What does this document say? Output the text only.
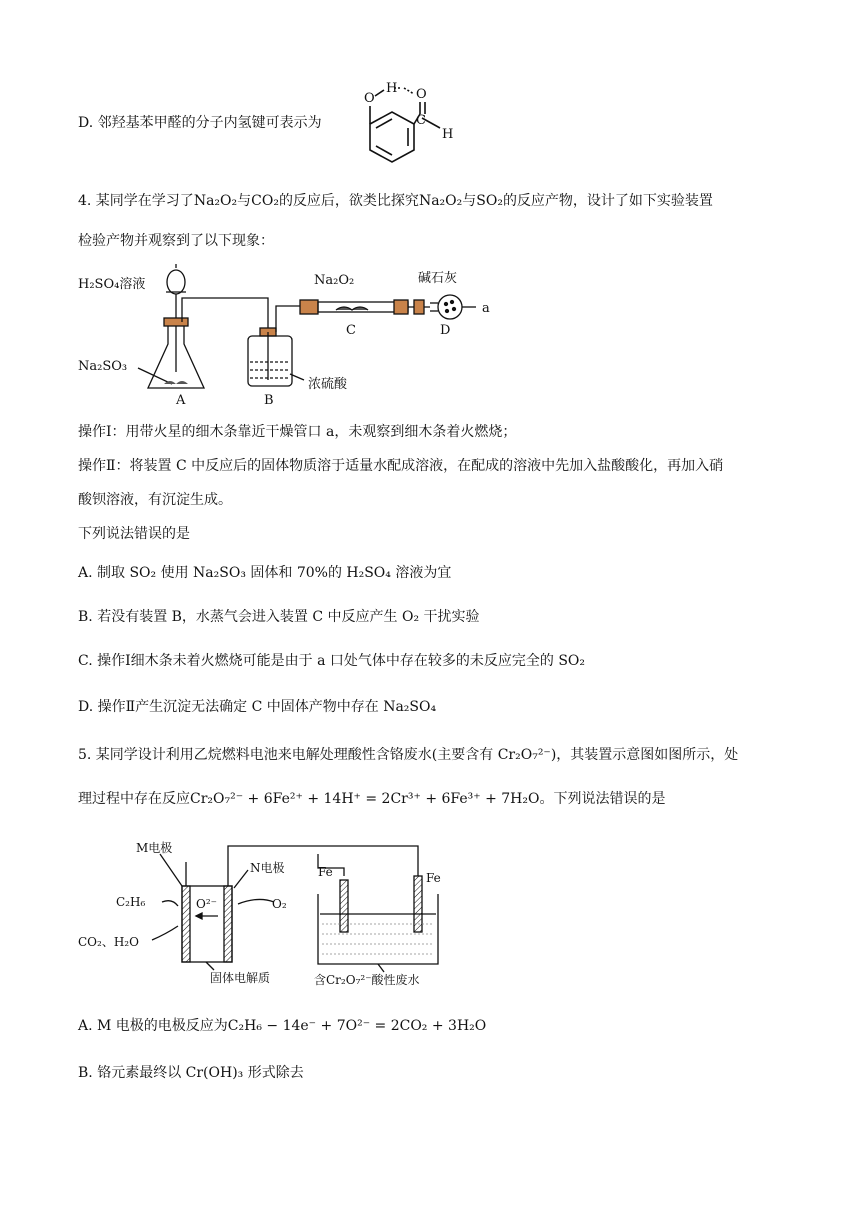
D. 邻羟基苯甲醛的分子内氢键可表示为
O
H O
C
H
4. 某同学在学习了Na₂O₂与CO₂的反应后，欲类比探究Na₂O₂与SO₂的反应产物，设计了如下实验装置
检验产物并观察到了以下现象：
H₂SO₄溶液
Na₂SO₃
A	B
浓硫酸
Na₂O₂
C
碱石灰
D
a
操作Ⅰ：用带火星的细木条靠近干燥管口 a，未观察到细木条着火燃烧；
操作Ⅱ：将装置 C 中反应后的固体物质溶于适量水配成溶液，在配成的溶液中先加入盐酸酸化，再加入硝
酸钡溶液，有沉淀生成。
下列说法错误的是
A. 制取 SO₂ 使用 Na₂SO₃ 固体和 70%的 H₂SO₄ 溶液为宜
B. 若没有装置 B，水蒸气会进入装置 C 中反应产生 O₂ 干扰实验
C. 操作Ⅰ细木条未着火燃烧可能是由于 a 口处气体中存在较多的未反应完全的 SO₂
D. 操作Ⅱ产生沉淀无法确定 C 中固体产物中存在 Na₂SO₄
5. 某同学设计利用乙烷燃料电池来电解处理酸性含铬废水(主要含有 Cr₂O₇²⁻)，其装置示意图如图所示，处
理过程中存在反应Cr₂O₇²⁻ + 6Fe²⁺ + 14H⁺ = 2Cr³⁺ + 6Fe³⁺ + 7H₂O。下列说法错误的是
M电极
N电极
C₂H₆	O²⁻	O₂
CO₂、H₂O
固体电解质
Fe	Fe
含Cr₂O₇²⁻酸性废水
A. M 电极的电极反应为C₂H₆ − 14e⁻ + 7O²⁻ = 2CO₂ + 3H₂O
B. 铬元素最终以 Cr(OH)₃ 形式除去
